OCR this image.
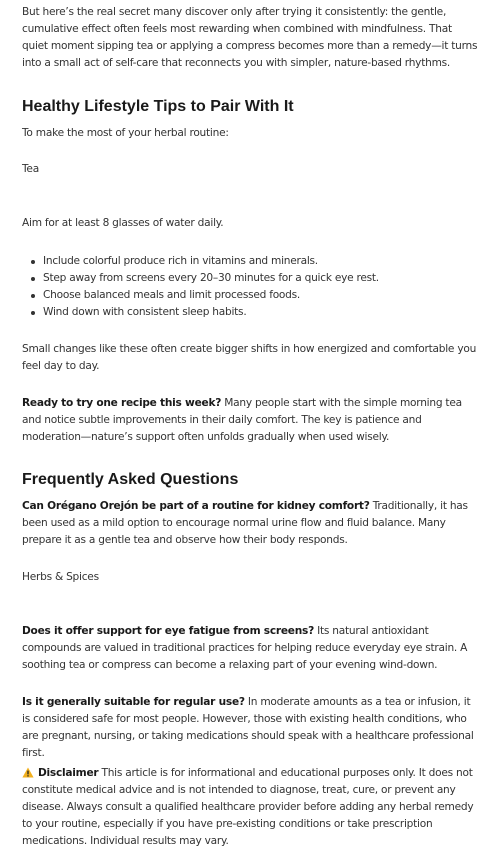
But here’s the real secret many discover only after trying it consistently: the gentle, cumulative effect often feels most rewarding when combined with mindfulness. That quiet moment sipping tea or applying a compress becomes more than a remedy—it turns into a small act of self-care that reconnects you with simpler, nature-based rhythms.

Healthy Lifestyle Tips to Pair With It

To make the most of your herbal routine:

Tea

Aim for at least 8 glasses of water daily.

Include colorful produce rich in vitamins and minerals.
Step away from screens every 20–30 minutes for a quick eye rest.
Choose balanced meals and limit processed foods.
Wind down with consistent sleep habits.

Small changes like these often create bigger shifts in how energized and comfortable you feel day to day.

Ready to try one recipe this week? Many people start with the simple morning tea and notice subtle improvements in their daily comfort. The key is patience and moderation—nature’s support often unfolds gradually when used wisely.

Frequently Asked Questions

Can Orégano Orejón be part of a routine for kidney comfort? Traditionally, it has been used as a mild option to encourage normal urine flow and fluid balance. Many prepare it as a gentle tea and observe how their body responds.

Herbs & Spices

Does it offer support for eye fatigue from screens? Its natural antioxidant compounds are valued in traditional practices for helping reduce everyday eye strain. A soothing tea or compress can become a relaxing part of your evening wind-down.

Is it generally suitable for regular use? In moderate amounts as a tea or infusion, it is considered safe for most people. However, those with existing health conditions, who are pregnant, nursing, or taking medications should speak with a healthcare professional first.

Disclaimer This article is for informational and educational purposes only. It does not constitute medical advice and is not intended to diagnose, treat, cure, or prevent any disease. Always consult a qualified healthcare provider before adding any herbal remedy to your routine, especially if you have pre-existing conditions or take prescription medications. Individual results may vary.
